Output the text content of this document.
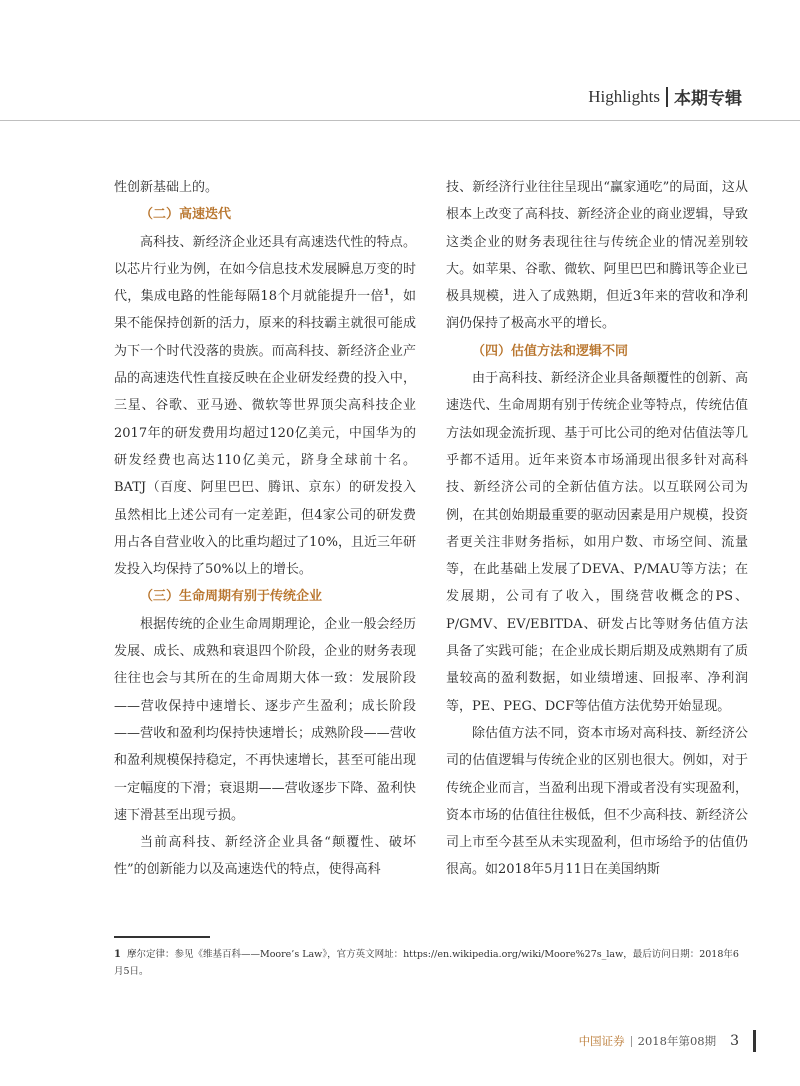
Highlights 本期专辑

性创新基础上的。

（二）高速迭代

高科技、新经济企业还具有高速迭代性的特点。以芯片行业为例，在如今信息技术发展瞬息万变的时代，集成电路的性能每隔18个月就能提升一倍$^1$，如果不能保持创新的活力，原来的科技霸主就很可能成为下一个时代没落的贵族。而高科技、新经济企业产品的高速迭代性直接反映在企业研发经费的投入中，三星、谷歌、亚马逊、微软等世界顶尖高科技企业2017年的研发费用均超过120亿美元，中国华为的研发经费也高达110亿美元，跻身全球前十名。BATJ（百度、阿里巴巴、腾讯、京东）的研发投入虽然相比上述公司有一定差距，但4家公司的研发费用占各自营业收入的比重均超过了10%，且近三年研发投入均保持了50%以上的增长。

（三）生命周期有别于传统企业

根据传统的企业生命周期理论，企业一般会经历发展、成长、成熟和衰退四个阶段，企业的财务表现往往也会与其所在的生命周期大体一致：发展阶段——营收保持中速增长、逐步产生盈利；成长阶段——营收和盈利均保持快速增长；成熟阶段——营收和盈利规模保持稳定，不再快速增长，甚至可能出现一定幅度的下滑；衰退期——营收逐步下降、盈利快速下滑甚至出现亏损。

当前高科技、新经济企业具备“颠覆性、破坏性”的创新能力以及高速迭代的特点，使得高科

技、新经济行业往往呈现出“赢家通吃”的局面，这从根本上改变了高科技、新经济企业的商业逻辑，导致这类企业的财务表现往往与传统企业的情况差别较大。如苹果、谷歌、微软、阿里巴巴和腾讯等企业已极具规模，进入了成熟期，但近3年来的营收和净利润仍保持了极高水平的增长。

（四）估值方法和逻辑不同

由于高科技、新经济企业具备颠覆性的创新、高速迭代、生命周期有别于传统企业等特点，传统估值方法如现金流折现、基于可比公司的绝对估值法等几乎都不适用。近年来资本市场涌现出很多针对高科技、新经济公司的全新估值方法。以互联网公司为例，在其创始期最重要的驱动因素是用户规模，投资者更关注非财务指标，如用户数、市场空间、流量等，在此基础上发展了DEVA、P/MAU等方法；在发展期，公司有了收入，围绕营收概念的PS、P/GMV、EV/EBITDA、研发占比等财务估值方法具备了实践可能；在企业成长期后期及成熟期有了质量较高的盈利数据，如业绩增速、回报率、净利润等，PE、PEG、DCF等估值方法优势开始显现。

除估值方法不同，资本市场对高科技、新经济公司的估值逻辑与传统企业的区别也很大。例如，对于传统企业而言，当盈利出现下滑或者没有实现盈利，资本市场的估值往往极低，但不少高科技、新经济公司上市至今甚至从未实现盈利，但市场给予的估值仍很高。如2018年5月11日在美国纳斯

1 摩尔定律：参见《维基百科——Moore’s Law》，官方英文网址：https://en.wikipedia.org/wiki/Moore%27s_law，最后访问日期：2018年6月5日。
中国证券 2018年第08期 3
